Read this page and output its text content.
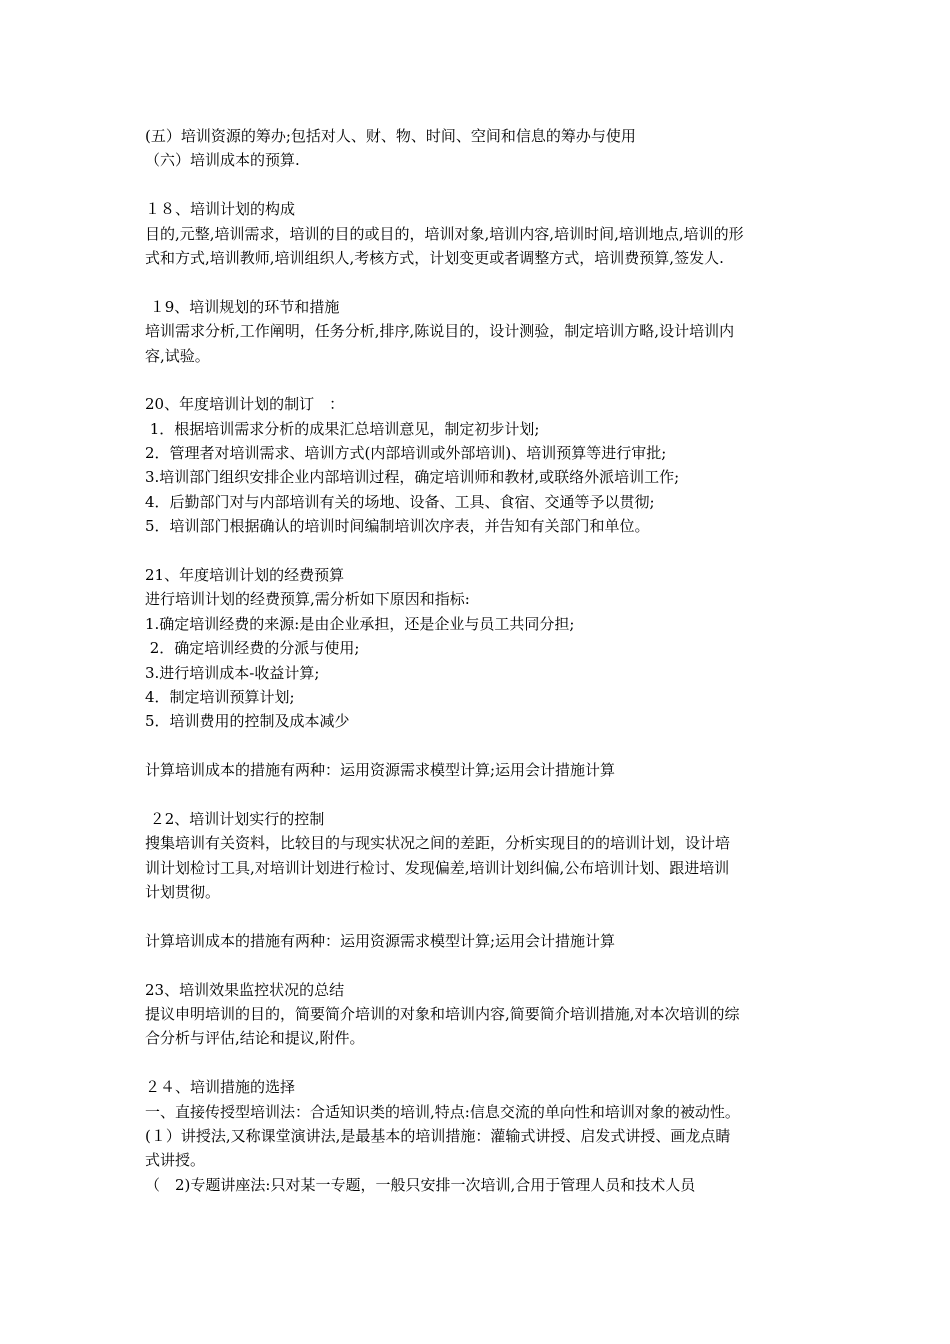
(五）培训资源的筹办;包括对人、财、物、时间、空间和信息的筹办与使用
（六）培训成本的预算.
１８、培训计划的构成
目的,元整,培训需求，培训的目的或目的，培训对象,培训内容,培训时间,培训地点,培训的形
式和方式,培训教师,培训组织人,考核方式，计划变更或者调整方式，培训费预算,签发人.
１9、培训规划的环节和措施
培训需求分析,工作阐明，任务分析,排序,陈说目的，设计测验，制定培训方略,设计培训内
容,试验。
20、年度培训计划的制订　：
1．根据培训需求分析的成果汇总培训意见，制定初步计划;
2．管理者对培训需求、培训方式(内部培训或外部培训)、培训预算等进行审批;
3.培训部门组织安排企业内部培训过程，确定培训师和教材,或联络外派培训工作;
4．后勤部门对与内部培训有关的场地、设备、工具、食宿、交通等予以贯彻;
5．培训部门根据确认的培训时间编制培训次序表，并告知有关部门和单位。
21、年度培训计划的经费预算
进行培训计划的经费预算,需分析如下原因和指标:
1.确定培训经费的来源:是由企业承担，还是企业与员工共同分担;
2．确定培训经费的分派与使用;
3.进行培训成本-收益计算;
4．制定培训预算计划;
5．培训费用的控制及成本减少
计算培训成本的措施有两种：运用资源需求模型计算;运用会计措施计算
２2、培训计划实行的控制
搜集培训有关资料，比较目的与现实状况之间的差距，分析实现目的的培训计划，设计培
训计划检讨工具,对培训计划进行检讨、发现偏差,培训计划纠偏,公布培训计划、跟进培训
计划贯彻。
计算培训成本的措施有两种：运用资源需求模型计算;运用会计措施计算
23、培训效果监控状况的总结
提议申明培训的目的，简要简介培训的对象和培训内容,简要简介培训措施,对本次培训的综
合分析与评估,结论和提议,附件。
２４、培训措施的选择
一、直接传授型培训法：合适知识类的培训,特点:信息交流的单向性和培训对象的被动性。
(１）讲授法,又称课堂演讲法,是最基本的培训措施：灌输式讲授、启发式讲授、画龙点睛
式讲授。
（　2)专题讲座法:只对某一专题，一般只安排一次培训,合用于管理人员和技术人员
